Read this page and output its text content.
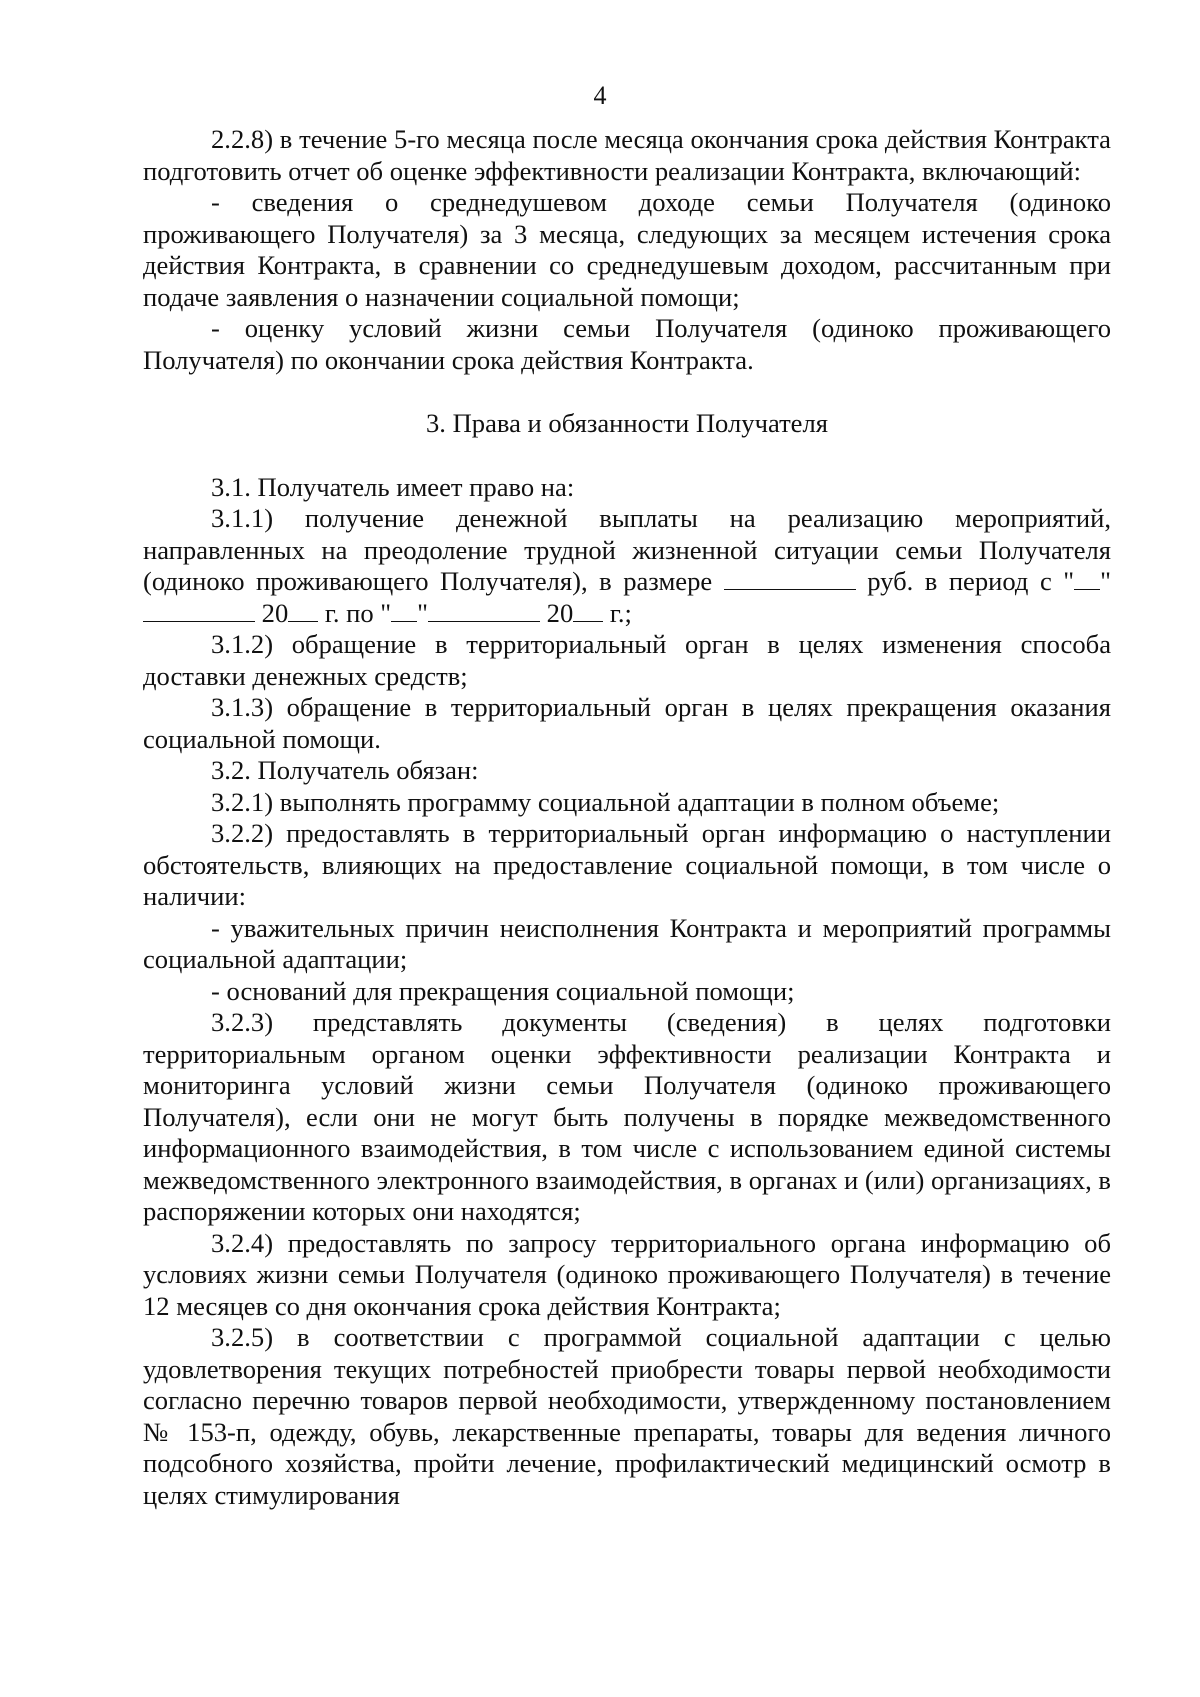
4

2.2.8) в течение 5-го месяца после месяца окончания срока действия Контракта подготовить отчет об оценке эффективности реализации Контракта, включающий:

- сведения о среднедушевом доходе семьи Получателя (одиноко проживающего Получателя) за 3 месяца, следующих за месяцем истечения срока действия Контракта, в сравнении со среднедушевым доходом, рассчитанным при подаче заявления о назначении социальной помощи;

- оценку условий жизни семьи Получателя (одиноко проживающего Получателя) по окончании срока действия Контракта.

3. Права и обязанности Получателя

3.1. Получатель имеет право на:

3.1.1) получение денежной выплаты на реализацию мероприятий, направленных на преодоление трудной жизненной ситуации семьи Получателя (одиноко проживающего Получателя), в размере	руб. в период с " " 20 г. по " "	20 г.;

3.1.2) обращение в территориальный орган в целях изменения способа доставки денежных средств;

3.1.3) обращение в территориальный орган в целях прекращения оказания социальной помощи.

3.2. Получатель обязан:

3.2.1) выполнять программу социальной адаптации в полном объеме;

3.2.2) предоставлять в территориальный орган информацию о наступлении обстоятельств, влияющих на предоставление социальной помощи, в том числе о наличии:

- уважительных причин неисполнения Контракта и мероприятий программы социальной адаптации;

- оснований для прекращения социальной помощи;

3.2.3) представлять документы (сведения) в целях подготовки территориальным органом оценки эффективности реализации Контракта и мониторинга условий жизни семьи Получателя (одиноко проживающего Получателя), если они не могут быть получены в порядке межведомственного информационного взаимодействия, в том числе с использованием единой системы межведомственного электронного взаимодействия, в органах и (или) организациях, в распоряжении которых они находятся;

3.2.4) предоставлять по запросу территориального органа информацию об условиях жизни семьи Получателя (одиноко проживающего Получателя) в течение 12 месяцев со дня окончания срока действия Контракта;

3.2.5) в соответствии с программой социальной адаптации с целью удовлетворения текущих потребностей приобрести товары первой необходимости согласно перечню товаров первой необходимости, утвержденному постановлением № 153-п, одежду, обувь, лекарственные препараты, товары для ведения личного подсобного хозяйства, пройти лечение, профилактический медицинский осмотр в целях стимулирования
